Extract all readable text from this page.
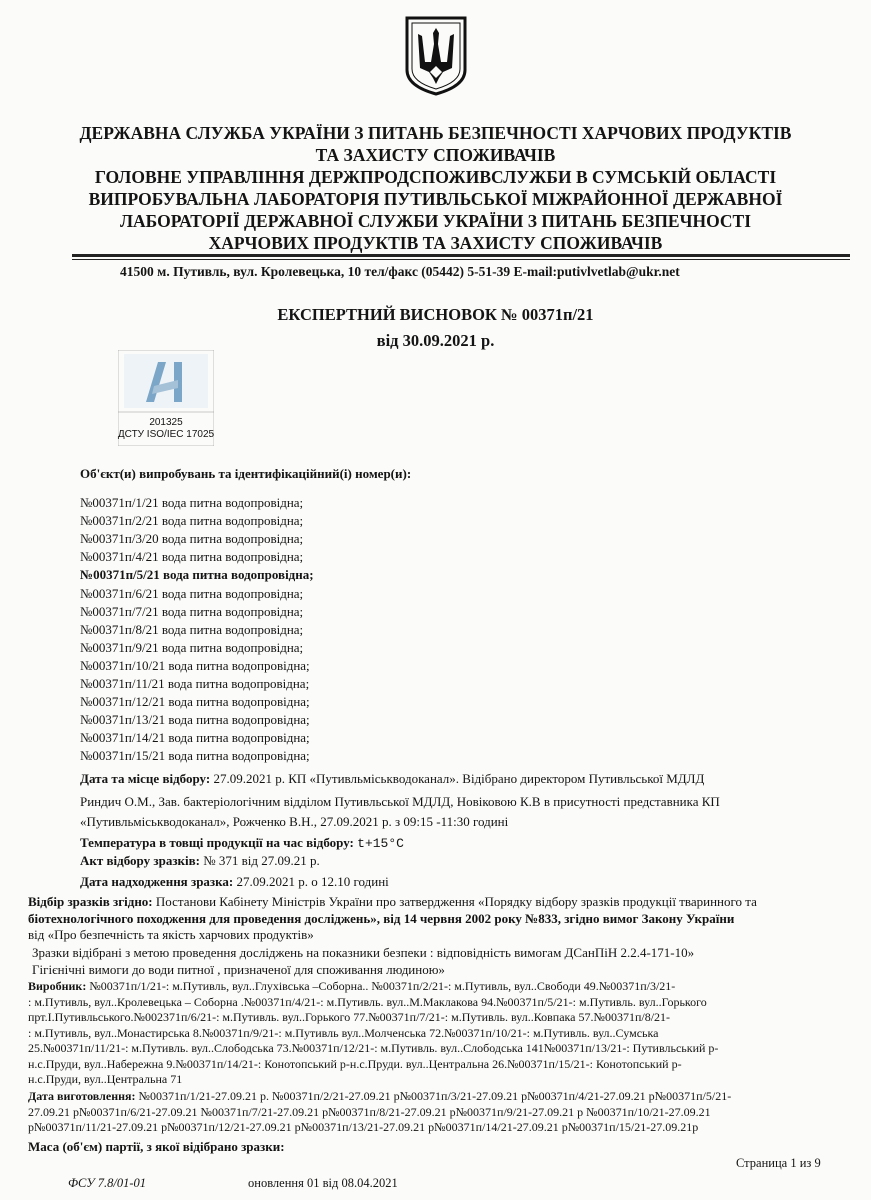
ДЕРЖАВНА СЛУЖБА УКРАЇНИ З ПИТАНЬ БЕЗПЕЧНОСТІ ХАРЧОВИХ ПРОДУКТІВ
ТА ЗАХИСТУ СПОЖИВАЧІВ
ГОЛОВНЕ УПРАВЛІННЯ ДЕРЖПРОДСПОЖИВСЛУЖБИ В СУМСЬКІЙ ОБЛАСТІ
ВИПРОБУВАЛЬНА ЛАБОРАТОРІЯ ПУТИВЛЬСЬКОЇ МІЖРАЙОННОЇ ДЕРЖАВНОЇ
ЛАБОРАТОРІЇ ДЕРЖАВНОЇ СЛУЖБИ УКРАЇНИ З ПИТАНЬ БЕЗПЕЧНОСТІ
ХАРЧОВИХ ПРОДУКТІВ ТА ЗАХИСТУ СПОЖИВАЧІВ
41500 м. Путивль, вул. Кролевецька, 10 тел/факс (05442) 5-51-39 E-mail:putivlvetlab@ukr.net
ЕКСПЕРТНИЙ ВИСНОВОК № 00371п/21
від 30.09.2021 р.
201325
ДСТУ ISO/IEC 17025
Об'єкт(и) випробувань та ідентифікаційний(і) номер(и):
№00371п/1/21 вода питна водопровідна;
№00371п/2/21 вода питна водопровідна;
№00371п/3/20 вода питна водопровідна;
№00371п/4/21 вода питна водопровідна;
№00371п/5/21 вода питна водопровідна;
№00371п/6/21 вода питна водопровідна;
№00371п/7/21 вода питна водопровідна;
№00371п/8/21 вода питна водопровідна;
№00371п/9/21 вода питна водопровідна;
№00371п/10/21 вода питна водопровідна;
№00371п/11/21 вода питна водопровідна;
№00371п/12/21 вода питна водопровідна;
№00371п/13/21 вода питна водопровідна;
№00371п/14/21 вода питна водопровідна;
№00371п/15/21 вода питна водопровідна;
Дата та місце відбору: 27.09.2021 р. КП «Путивльміськводоканал». Відібрано директором Путивльської МДЛД
Риндич О.М., Зав. бактеріологічним відділом Путивльської МДЛД, Новіковою К.В в присутності представника КП
«Путивльміськводоканал», Рожченко В.Н., 27.09.2021 р. з 09:15 -11:30 годині
Температура в товщі продукції на час відбору: t+15°C
Акт відбору зразків: № 371 від 27.09.21 р.
Дата надходження зразка: 27.09.2021 р. о 12.10 годині
Відбір зразків згідно: Постанови Кабінету Міністрів України про затвердження «Порядку відбору зразків продукції тваринного та
біотехнологічного походження для проведення досліджень», від 14 червня 2002 року №833, згідно вимог Закону України
від «Про безпечність та якість харчових продуктів»
Зразки відібрані з метою проведення досліджень на показники безпеки : відповідність вимогам ДСанПіН 2.2.4-171-10»
Гігієнічні вимоги до води питної , призначеної для споживання людиною»
Виробник: №00371п/1/21-: м.Путивль, вул..Глухівська –Соборна.. №00371п/2/21-: м.Путивль, вул..Свободи 49.№00371п/3/21-
: м.Путивль, вул..Кролевецька – Соборна .№00371п/4/21-: м.Путивль. вул..М.Маклакова 94.№00371п/5/21-: м.Путивль. вул..Горького
прт.І.Путивльського.№002371п/6/21-: м.Путивль. вул..Горького 77.№00371п/7/21-: м.Путивль. вул..Ковпака 57.№00371п/8/21-
: м.Путивль, вул..Монастирська 8.№00371п/9/21-: м.Путивль вул..Молченська 72.№00371п/10/21-: м.Путивль. вул..Сумська
25.№00371п/11/21-: м.Путивль. вул..Слободська 73.№00371п/12/21-: м.Путивль. вул..Слободська 141№00371п/13/21-: Путивльський р-
н.с.Пруди, вул..Набережна 9.№00371п/14/21-: Конотопський р-н.с.Пруди. вул..Центральна 26.№00371п/15/21-: Конотопський р-
н.с.Пруди, вул..Центральна 71
Дата виготовлення: №00371п/1/21-27.09.21 р. №00371п/2/21-27.09.21 р№00371п/3/21-27.09.21 р№00371п/4/21-27.09.21 р№00371п/5/21-
27.09.21 р№00371п/6/21-27.09.21 №00371п/7/21-27.09.21 р№00371п/8/21-27.09.21 р№00371п/9/21-27.09.21 р №00371п/10/21-27.09.21
р№00371п/11/21-27.09.21 р№00371п/12/21-27.09.21 р№00371п/13/21-27.09.21 р№00371п/14/21-27.09.21 р№00371п/15/21-27.09.21р
Маса (об'єм) партії, з якої відібрано зразки:
Страница 1 из 9
ФСУ 7.8/01-01	оновлення 01 від 08.04.2021
